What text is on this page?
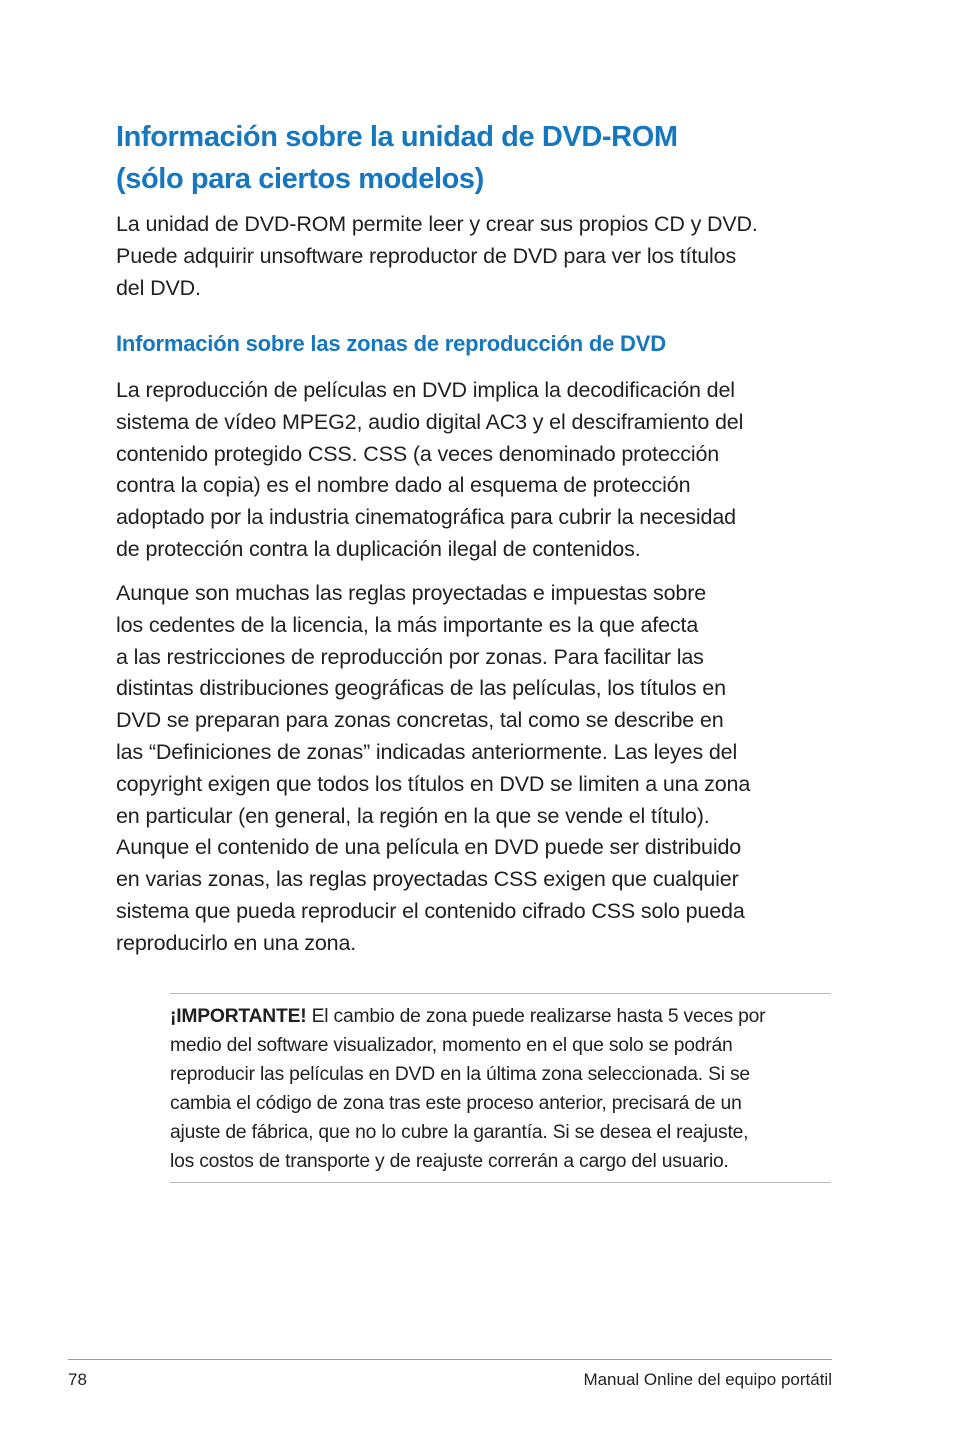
Información sobre la unidad de DVD-ROM
(sólo para ciertos modelos)

La unidad de DVD-ROM permite leer y crear sus propios CD y DVD.
Puede adquirir unsoftware reproductor de DVD para ver los títulos
del DVD.

Información sobre las zonas de reproducción de DVD

La reproducción de películas en DVD implica la decodificación del
sistema de vídeo MPEG2, audio digital AC3 y el desciframiento del
contenido protegido CSS. CSS (a veces denominado protección
contra la copia) es el nombre dado al esquema de protección
adoptado por la industria cinematográfica para cubrir la necesidad
de protección contra la duplicación ilegal de contenidos.

Aunque son muchas las reglas proyectadas e impuestas sobre
los cedentes de la licencia, la más importante es la que afecta
a las restricciones de reproducción por zonas. Para facilitar las
distintas distribuciones geográficas de las películas, los títulos en
DVD se preparan para zonas concretas, tal como se describe en
las “Definiciones de zonas” indicadas anteriormente. Las leyes del
copyright exigen que todos los títulos en DVD se limiten a una zona
en particular (en general, la región en la que se vende el título).
Aunque el contenido de una película en DVD puede ser distribuido
en varias zonas, las reglas proyectadas CSS exigen que cualquier
sistema que pueda reproducir el contenido cifrado CSS solo pueda
reproducirlo en una zona.

¡IMPORTANTE! El cambio de zona puede realizarse hasta 5 veces por
medio del software visualizador, momento en el que solo se podrán
reproducir las películas en DVD en la última zona seleccionada. Si se
cambia el código de zona tras este proceso anterior, precisará de un
ajuste de fábrica, que no lo cubre la garantía. Si se desea el reajuste,
los costos de transporte y de reajuste correrán a cargo del usuario.

78	Manual Online del equipo portátil
